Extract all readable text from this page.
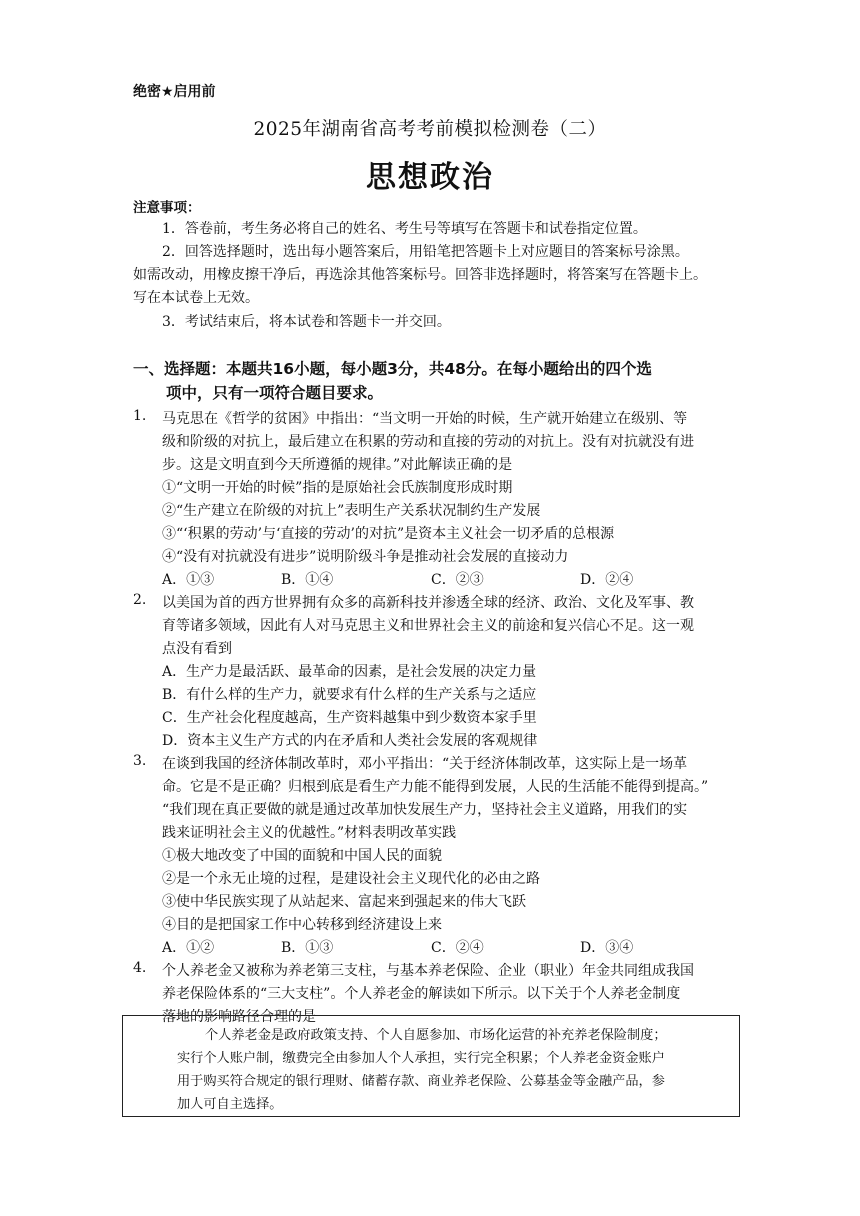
绝密★启用前
2025年湖南省高考考前模拟检测卷（二）
思想政治
注意事项：
1．答卷前，考生务必将自己的姓名、考生号等填写在答题卡和试卷指定位置。
2．回答选择题时，选出每小题答案后，用铅笔把答题卡上对应题目的答案标号涂黑。
如需改动，用橡皮擦干净后，再选涂其他答案标号。回答非选择题时，将答案写在答题卡上。
写在本试卷上无效。
3．考试结束后，将本试卷和答题卡一并交回。
一、选择题：本题共16小题，每小题3分，共48分。在每小题给出的四个选
项中，只有一项符合题目要求。
1. 马克思在《哲学的贫困》中指出：“当文明一开始的时候，生产就开始建立在级别、等
级和阶级的对抗上，最后建立在积累的劳动和直接的劳动的对抗上。没有对抗就没有进
步。这是文明直到今天所遵循的规律。”对此解读正确的是
①“文明一开始的时候”指的是原始社会氏族制度形成时期
②“生产建立在阶级的对抗上”表明生产关系状况制约生产发展
③“‘积累的劳动’与‘直接的劳动’的对抗”是资本主义社会一切矛盾的总根源
④“没有对抗就没有进步”说明阶级斗争是推动社会发展的直接动力
A．①③	B．①④	C．②③	D．②④
2. 以美国为首的西方世界拥有众多的高新科技并渗透全球的经济、政治、文化及军事、教
育等诸多领域，因此有人对马克思主义和世界社会主义的前途和复兴信心不足。这一观
点没有看到
A．生产力是最活跃、最革命的因素，是社会发展的决定力量
B．有什么样的生产力，就要求有什么样的生产关系与之适应
C．生产社会化程度越高，生产资料越集中到少数资本家手里
D．资本主义生产方式的内在矛盾和人类社会发展的客观规律
3. 在谈到我国的经济体制改革时，邓小平指出：“关于经济体制改革，这实际上是一场革
命。它是不是正确？归根到底是看生产力能不能得到发展，人民的生活能不能得到提高。”
“我们现在真正要做的就是通过改革加快发展生产力，坚持社会主义道路，用我们的实
践来证明社会主义的优越性。”材料表明改革实践
①极大地改变了中国的面貌和中国人民的面貌
②是一个永无止境的过程，是建设社会主义现代化的必由之路
③使中华民族实现了从站起来、富起来到强起来的伟大飞跃
④目的是把国家工作中心转移到经济建设上来
A．①②	B．①③	C．②④	D．③④
4. 个人养老金又被称为养老第三支柱，与基本养老保险、企业（职业）年金共同组成我国
养老保险体系的“三大支柱”。个人养老金的解读如下所示。以下关于个人养老金制度
落地的影响路径合理的是
个人养老金是政府政策支持、个人自愿参加、市场化运营的补充养老保险制度；
实行个人账户制，缴费完全由参加人个人承担，实行完全积累；个人养老金资金账户
用于购买符合规定的银行理财、储蓄存款、商业养老保险、公募基金等金融产品，参
加人可自主选择。
